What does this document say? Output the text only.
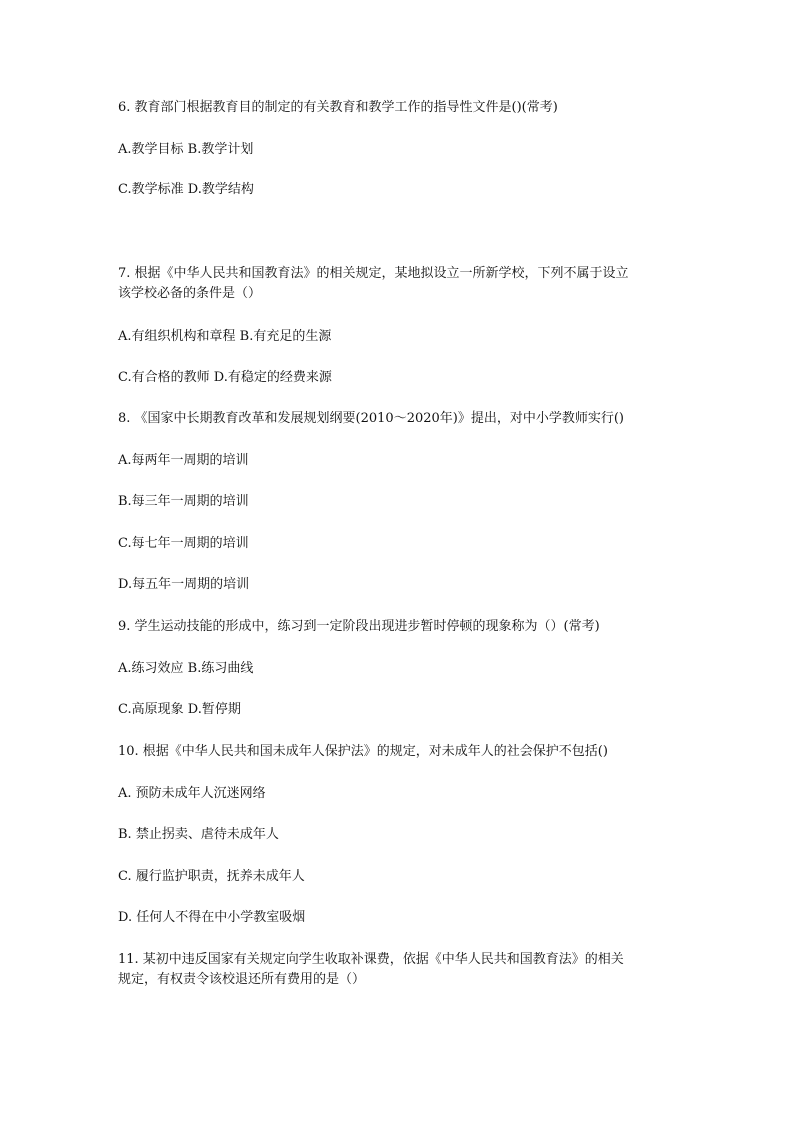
6. 教育部门根据教育目的制定的有关教育和教学工作的指导性文件是()(常考)
A.教学目标 B.教学计划
C.教学标准 D.教学结构
7. 根据《中华人民共和国教育法》的相关规定，某地拟设立一所新学校，下列不属于设立
该学校必备的条件是（）
A.有组织机构和章程 B.有充足的生源
C.有合格的教师 D.有稳定的经费来源
8. 《国家中长期教育改革和发展规划纲要(2010～2020年)》提出，对中小学教师实行()
A.每两年一周期的培训
B.每三年一周期的培训
C.每七年一周期的培训
D.每五年一周期的培训
9. 学生运动技能的形成中，练习到一定阶段出现进步暂时停顿的现象称为（）(常考)
A.练习效应 B.练习曲线
C.高原现象 D.暂停期
10. 根据《中华人民共和国未成年人保护法》的规定，对未成年人的社会保护不包括()
A. 预防未成年人沉迷网络
B. 禁止拐卖、虐待未成年人
C. 履行监护职责，抚养未成年人
D. 任何人不得在中小学教室吸烟
11. 某初中违反国家有关规定向学生收取补课费，依据《中华人民共和国教育法》的相关
规定，有权责令该校退还所有费用的是（）
